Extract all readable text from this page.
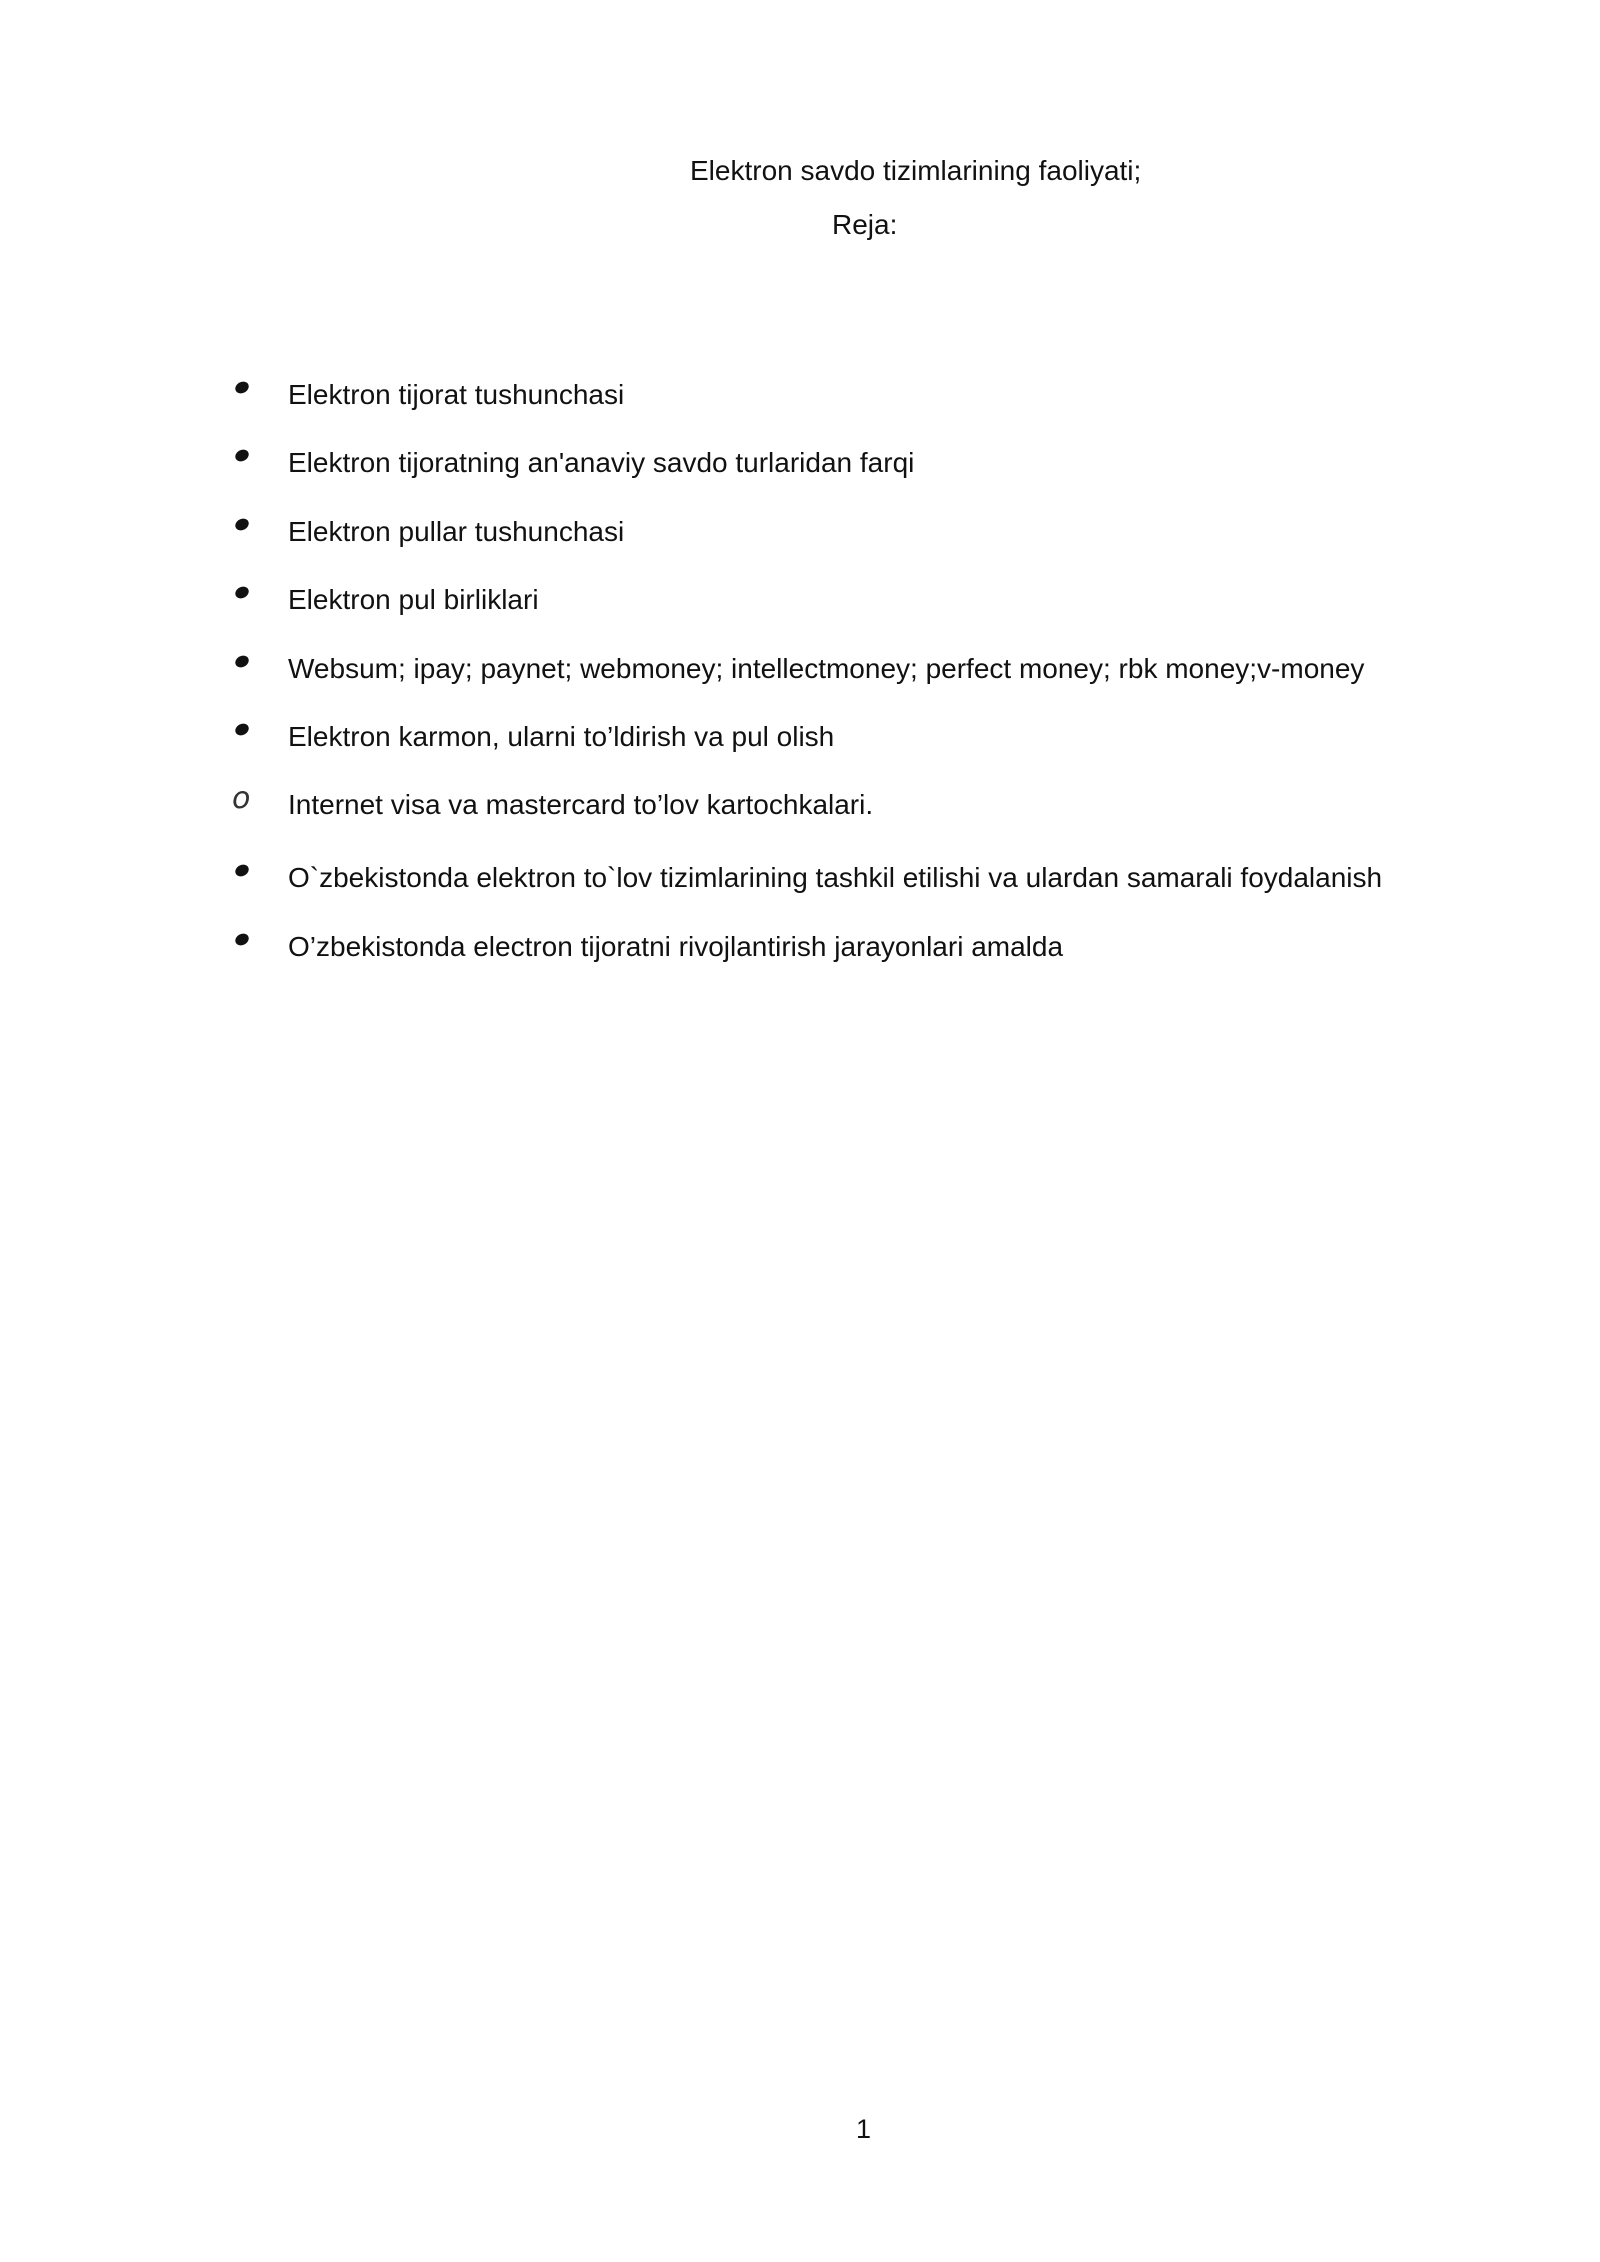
Elektron savdo tizimlarining faoliyati;
Reja:
Elektron tijorat tushunchasi
Elektron tijoratning an'anaviy savdo turlaridan farqi
Elektron pullar tushunchasi
Elektron pul birliklari
Websum; ipay; paynet; webmoney; intellectmoney; perfect money; rbk money;v-money
Elektron karmon, ularni to’ldirish va pul olish
o	Internet visa va mastercard to’lov kartochkalari.
O`zbekistonda elektron to`lov tizimlarining tashkil etilishi va ulardan samarali foydalanish
O’zbekistonda electron tijoratni rivojlantirish jarayonlari amalda
1
